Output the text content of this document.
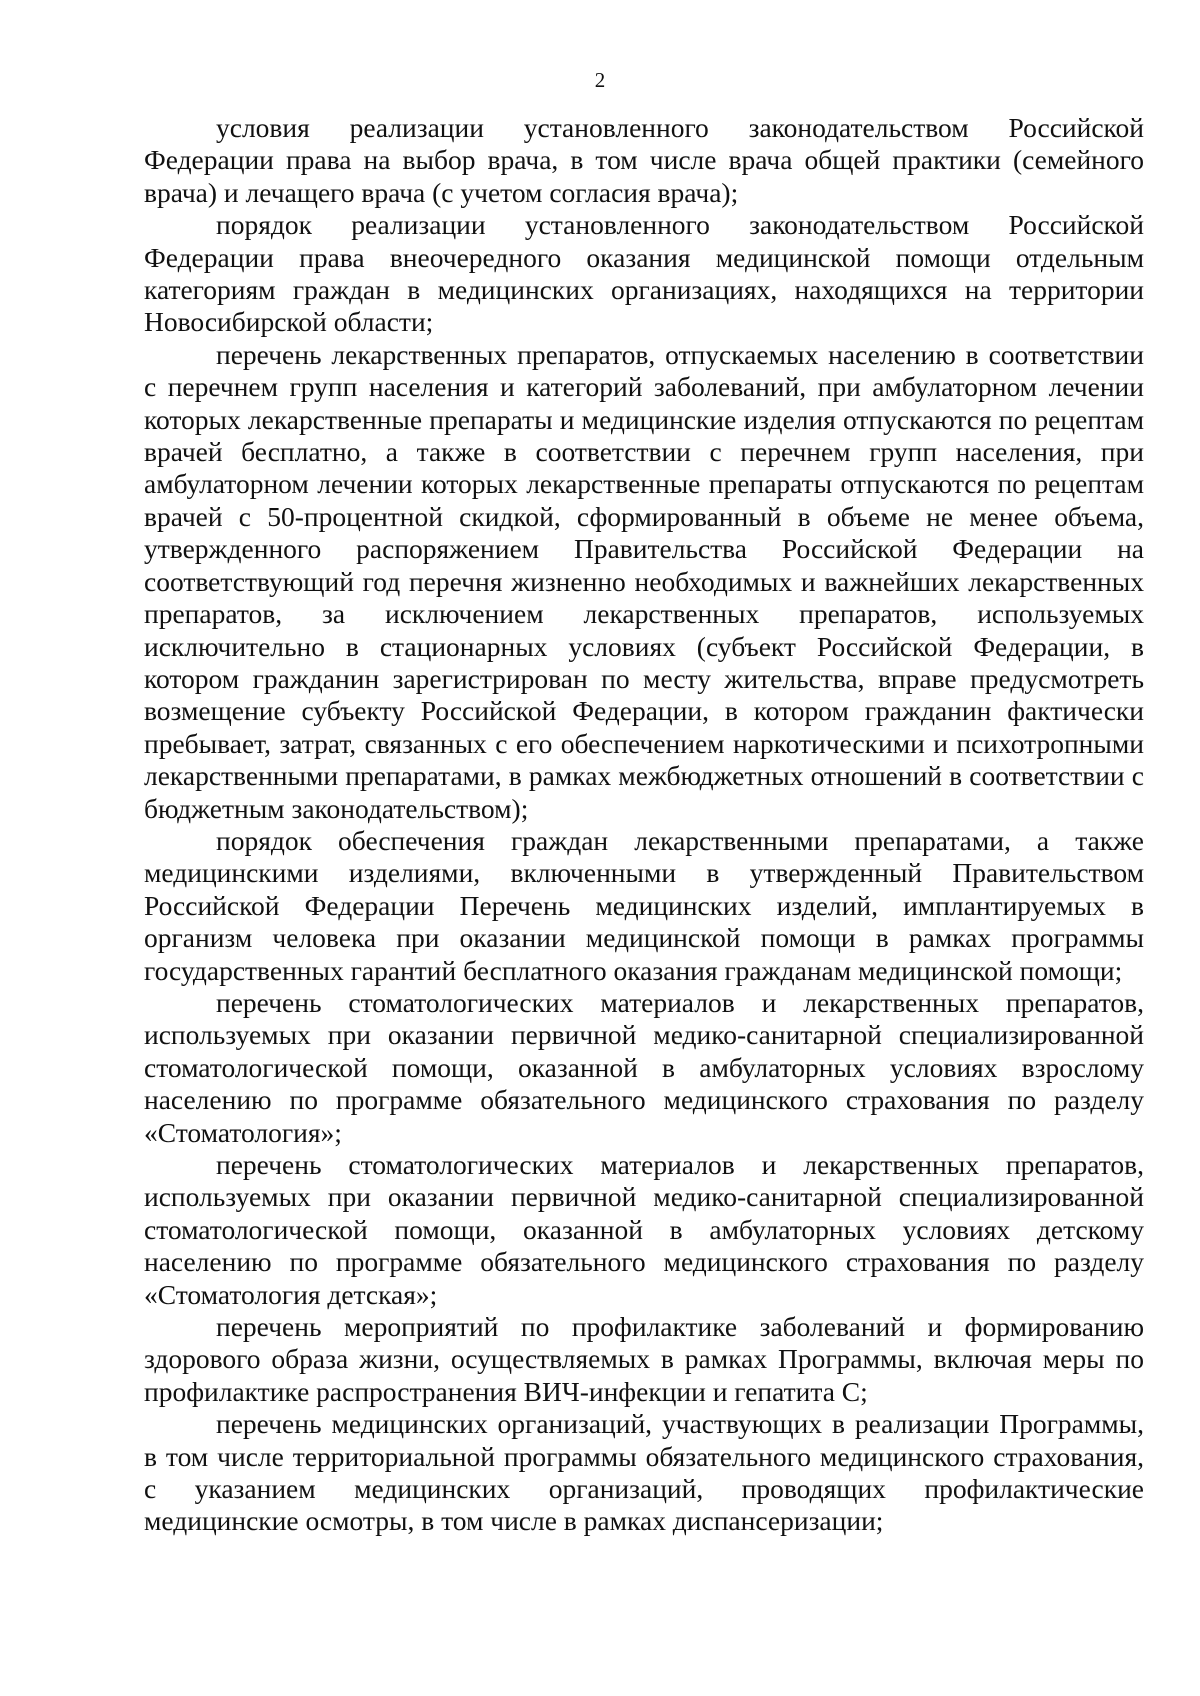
2

условия реализации установленного законодательством Российской Федерации права на выбор врача, в том числе врача общей практики (семейного врача) и лечащего врача (с учетом согласия врача);

порядок реализации установленного законодательством Российской Федерации права внеочередного оказания медицинской помощи отдельным категориям граждан в медицинских организациях, находящихся на территории Новосибирской области;

перечень лекарственных препаратов, отпускаемых населению в соответствии с перечнем групп населения и категорий заболеваний, при амбулаторном лечении которых лекарственные препараты и медицинские изделия отпускаются по рецептам врачей бесплатно, а также в соответствии с перечнем групп населения, при амбулаторном лечении которых лекарственные препараты отпускаются по рецептам врачей с 50-процентной скидкой, сформированный в объеме не менее объема, утвержденного распоряжением Правительства Российской Федерации на соответствующий год перечня жизненно необходимых и важнейших лекарственных препаратов, за исключением лекарственных препаратов, используемых исключительно в стационарных условиях (субъект Российской Федерации, в котором гражданин зарегистрирован по месту жительства, вправе предусмотреть возмещение субъекту Российской Федерации, в котором гражданин фактически пребывает, затрат, связанных с его обеспечением наркотическими и психотропными лекарственными препаратами, в рамках межбюджетных отношений в соответствии с бюджетным законодательством);

порядок обеспечения граждан лекарственными препаратами, а также медицинскими изделиями, включенными в утвержденный Правительством Российской Федерации Перечень медицинских изделий, имплантируемых в организм человека при оказании медицинской помощи в рамках программы государственных гарантий бесплатного оказания гражданам медицинской помощи;

перечень стоматологических материалов и лекарственных препаратов, используемых при оказании первичной медико-санитарной специализированной стоматологической помощи, оказанной в амбулаторных условиях взрослому населению по программе обязательного медицинского страхования по разделу «Стоматология»;

перечень стоматологических материалов и лекарственных препаратов, используемых при оказании первичной медико-санитарной специализированной стоматологической помощи, оказанной в амбулаторных условиях детскому населению по программе обязательного медицинского страхования по разделу «Стоматология детская»;

перечень мероприятий по профилактике заболеваний и формированию здорового образа жизни, осуществляемых в рамках Программы, включая меры по профилактике распространения ВИЧ-инфекции и гепатита С;

перечень медицинских организаций, участвующих в реализации Программы, в том числе территориальной программы обязательного медицинского страхования, с указанием медицинских организаций, проводящих профилактические медицинские осмотры, в том числе в рамках диспансеризации;
